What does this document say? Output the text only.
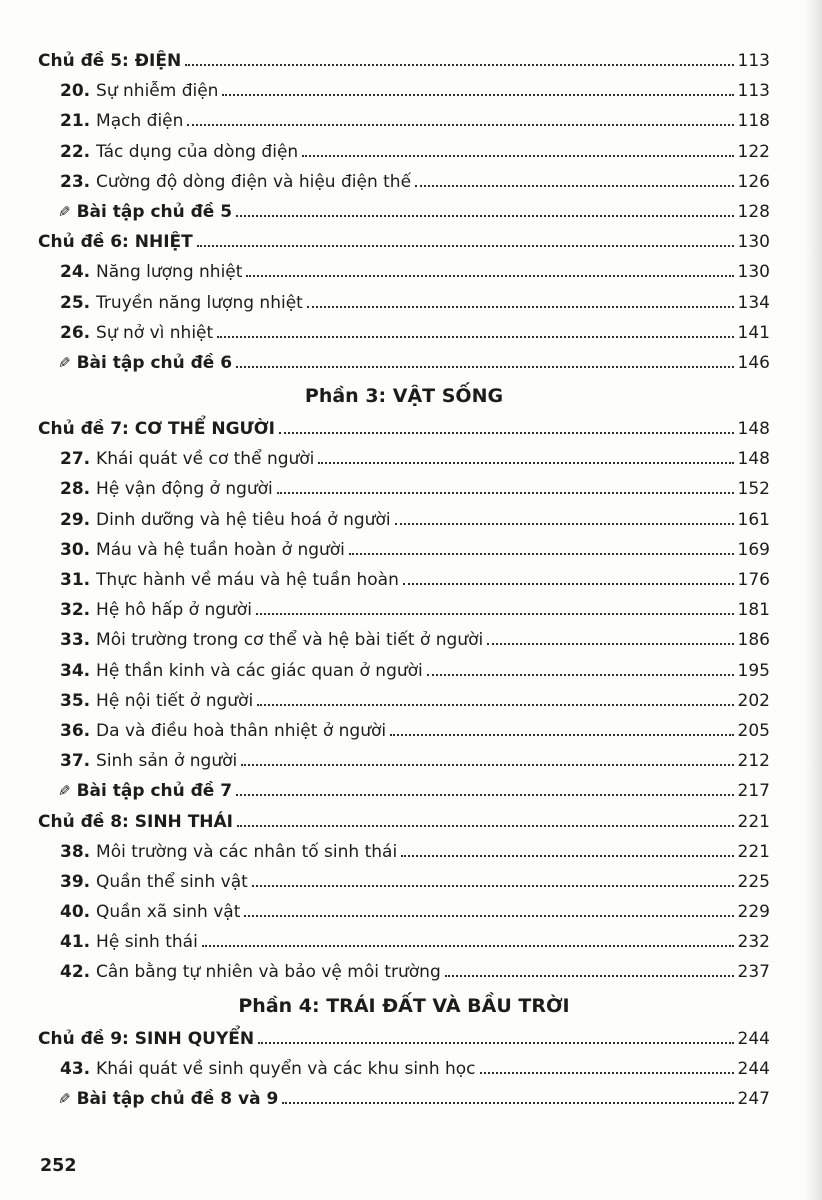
Chủ đề 5: ĐIỆN	113
20. Sự nhiễm điện	113
21. Mạch điện	118
22. Tác dụng của dòng điện	122
23. Cường độ dòng điện và hiệu điện thế	126
✎ Bài tập chủ đề 5	128
Chủ đề 6: NHIỆT	130
24. Năng lượng nhiệt	130
25. Truyền năng lượng nhiệt	134
26. Sự nở vì nhiệt	141
✎ Bài tập chủ đề 6	146
Phần 3: VẬT SỐNG
Chủ đề 7: CƠ THỂ NGƯỜI	148
27. Khái quát về cơ thể người	148
28. Hệ vận động ở người	152
29. Dinh dưỡng và hệ tiêu hoá ở người	161
30. Máu và hệ tuần hoàn ở người	169
31. Thực hành về máu và hệ tuần hoàn	176
32. Hệ hô hấp ở người	181
33. Môi trường trong cơ thể và hệ bài tiết ở người	186
34. Hệ thần kinh và các giác quan ở người	195
35. Hệ nội tiết ở người	202
36. Da và điều hoà thân nhiệt ở người	205
37. Sinh sản ở người	212
✎ Bài tập chủ đề 7	217
Chủ đề 8: SINH THÁI	221
38. Môi trường và các nhân tố sinh thái	221
39. Quần thể sinh vật	225
40. Quần xã sinh vật	229
41. Hệ sinh thái	232
42. Cân bằng tự nhiên và bảo vệ môi trường	237
Phần 4: TRÁI ĐẤT VÀ BẦU TRỜI
Chủ đề 9: SINH QUYỂN	244
43. Khái quát về sinh quyển và các khu sinh học	244
✎ Bài tập chủ đề 8 và 9	247
252
